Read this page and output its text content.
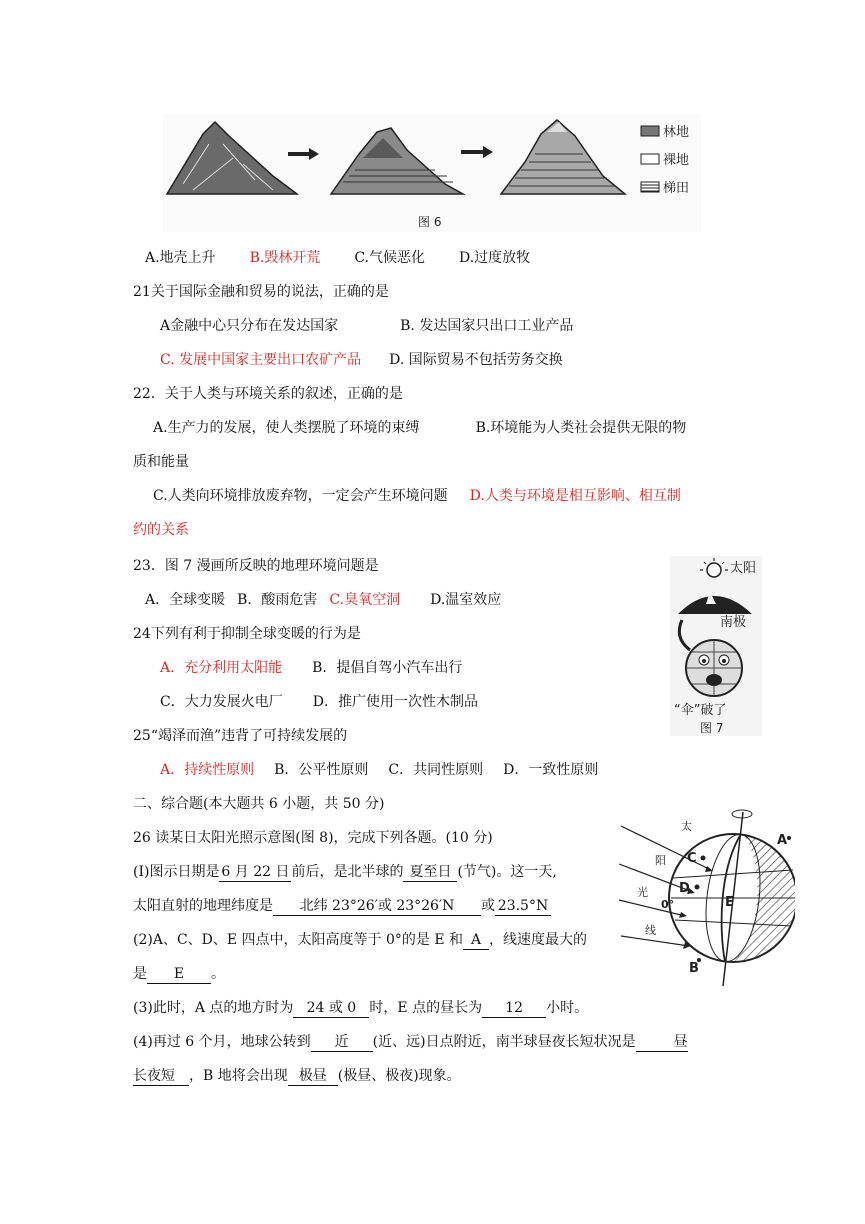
林地
裸地
梯田
图 6
A.地壳上升 B.毁林开荒 C.气候恶化 D.过度放牧
21关于国际金融和贸易的说法，正确的是
A金融中心只分布在发达国家	B. 发达国家只出口工业产品
C. 发展中国家主要出口农矿产品 D. 国际贸易不包括劳务交换
22．关于人类与环境关系的叙述，正确的是
A.生产力的发展，使人类摆脱了环境的束缚	B.环境能为人类社会提供无限的物
质和能量
C.人类向环境排放废弃物，一定会产生环境问题 D.人类与环境是相互影响、相互制
约的关系
23．图 7 漫画所反映的地理环境问题是
A．全球变暖 B．酸雨危害 C.臭氧空洞 D.温室效应
太阳
南极
“伞”破了
图 7
24下列有利于抑制全球变暖的行为是
A．充分利用太阳能 B．提倡自驾小汽车出行
C．大力发展火电厂 D．推广使用一次性木制品
25“竭泽而渔”违背了可持续发展的
A．持续性原则 B．公平性原则 C．共同性原则 D．一致性原则
二、综合题(本大题共 6 小题，共 50 分)
26 读某日太阳光照示意图(图 8)，完成下列各题。(10 分)
(I)图示日期是 6 月 22 日 前后，是北半球的 夏至日 (节气)。这一天,
太阳直射的地理纬度是 北纬 23°26′或 23°26′N 或 23.5°N
(2)A、C、D、E 四点中，太阳高度等于 0°的是 E 和 A ，线速度最大的
是 E 。
(3)此时，A 点的地方时为 24 或 0 时，E 点的昼长为 12 小时。
(4)再过 6 个月，地球公转到 近 (近、远)日点附近，南半球昼夜长短状况是	昼
长夜短 ，B 地将会出现 极昼 (极昼、极夜)现象。
太
阳
光
线
A
C
D
0°	E
B
